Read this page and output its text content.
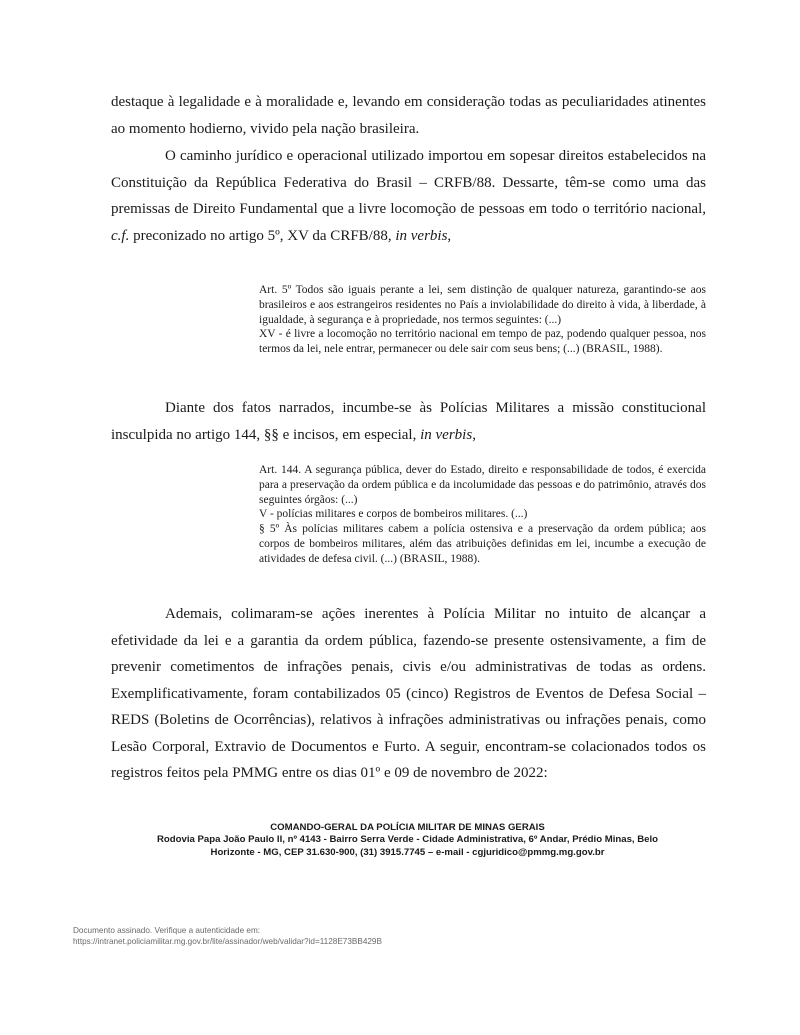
destaque à legalidade e à moralidade e, levando em consideração todas as peculiaridades atinentes ao momento hodierno, vivido pela nação brasileira.

O caminho jurídico e operacional utilizado importou em sopesar direitos estabelecidos na Constituição da República Federativa do Brasil – CRFB/88. Dessarte, têm-se como uma das premissas de Direito Fundamental que a livre locomoção de pessoas em todo o território nacional, c.f. preconizado no artigo 5º, XV da CRFB/88, in verbis,

Art. 5º Todos são iguais perante a lei, sem distinção de qualquer natureza, garantindo-se aos brasileiros e aos estrangeiros residentes no País a inviolabilidade do direito à vida, à liberdade, à igualdade, à segurança e à propriedade, nos termos seguintes: (...)
XV - é livre a locomoção no território nacional em tempo de paz, podendo qualquer pessoa, nos termos da lei, nele entrar, permanecer ou dele sair com seus bens; (...) (BRASIL, 1988).

Diante dos fatos narrados, incumbe-se às Polícias Militares a missão constitucional insculpida no artigo 144, §§ e incisos, em especial, in verbis,

Art. 144. A segurança pública, dever do Estado, direito e responsabilidade de todos, é exercida para a preservação da ordem pública e da incolumidade das pessoas e do patrimônio, através dos seguintes órgãos: (...)
V - polícias militares e corpos de bombeiros militares. (...)
§ 5º Às polícias militares cabem a polícia ostensiva e a preservação da ordem pública; aos corpos de bombeiros militares, além das atribuições definidas em lei, incumbe a execução de atividades de defesa civil. (...) (BRASIL, 1988).

Ademais, colimaram-se ações inerentes à Polícia Militar no intuito de alcançar a efetividade da lei e a garantia da ordem pública, fazendo-se presente ostensivamente, a fim de prevenir cometimentos de infrações penais, civis e/ou administrativas de todas as ordens. Exemplificativamente, foram contabilizados 05 (cinco) Registros de Eventos de Defesa Social – REDS (Boletins de Ocorrências), relativos à infrações administrativas ou infrações penais, como Lesão Corporal, Extravio de Documentos e Furto. A seguir, encontram-se colacionados todos os registros feitos pela PMMG entre os dias 01º e 09 de novembro de 2022:

COMANDO-GERAL DA POLÍCIA MILITAR DE MINAS GERAIS
Rodovia Papa João Paulo II, nº 4143 - Bairro Serra Verde - Cidade Administrativa, 6º Andar, Prédio Minas, Belo
Horizonte - MG, CEP 31.630-900, (31) 3915.7745 – e-mail - cgjuridico@pmmg.mg.gov.br
Documento assinado. Verifique a autenticidade em:
https://intranet.policiamilitar.mg.gov.br/lite/assinador/web/validar?id=1128E73BB429B
